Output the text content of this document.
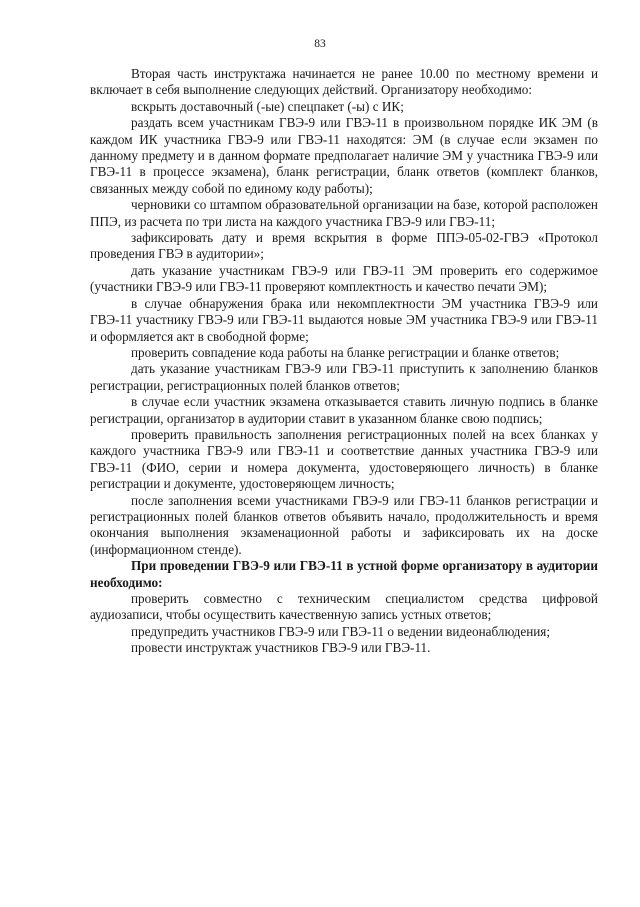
83

Вторая часть инструктажа начинается не ранее 10.00 по местному времени и включает в себя выполнение следующих действий. Организатору необходимо:

вскрыть доставочный (-ые) спецпакет (-ы) с ИК;

раздать всем участникам ГВЭ-9 или ГВЭ-11 в произвольном порядке ИК ЭМ (в каждом ИК участника ГВЭ-9 или ГВЭ-11 находятся: ЭМ (в случае если экзамен по данному предмету и в данном формате предполагает наличие ЭМ у участника ГВЭ-9 или ГВЭ-11 в процессе экзамена), бланк регистрации, бланк ответов (комплект бланков, связанных между собой по единому коду работы);

черновики со штампом образовательной организации на базе, которой расположен ППЭ, из расчета по три листа на каждого участника ГВЭ-9 или ГВЭ-11;

зафиксировать дату и время вскрытия в форме ППЭ-05-02-ГВЭ «Протокол проведения ГВЭ в аудитории»;

дать указание участникам ГВЭ-9 или ГВЭ-11 ЭМ проверить его содержимое (участники ГВЭ-9 или ГВЭ-11 проверяют комплектность и качество печати ЭМ);

в случае обнаружения брака или некомплектности ЭМ участника ГВЭ-9 или ГВЭ-11 участнику ГВЭ-9 или ГВЭ-11 выдаются новые ЭМ участника ГВЭ-9 или ГВЭ-11 и оформляется акт в свободной форме;

проверить совпадение кода работы на бланке регистрации и бланке ответов;

дать указание участникам ГВЭ-9 или ГВЭ-11 приступить к заполнению бланков регистрации, регистрационных полей бланков ответов;

в случае если участник экзамена отказывается ставить личную подпись в бланке регистрации, организатор в аудитории ставит в указанном бланке свою подпись;

проверить правильность заполнения регистрационных полей на всех бланках у каждого участника ГВЭ-9 или ГВЭ-11 и соответствие данных участника ГВЭ-9 или ГВЭ-11 (ФИО, серии и номера документа, удостоверяющего личность) в бланке регистрации и документе, удостоверяющем личность;

после заполнения всеми участниками ГВЭ-9 или ГВЭ-11 бланков регистрации и регистрационных полей бланков ответов объявить начало, продолжительность и время окончания выполнения экзаменационной работы и зафиксировать их на доске (информационном стенде).

При проведении ГВЭ-9 или ГВЭ-11 в устной форме организатору в аудитории необходимо:

проверить совместно с техническим специалистом средства цифровой аудиозаписи, чтобы осуществить качественную запись устных ответов;

предупредить участников ГВЭ-9 или ГВЭ-11 о ведении видеонаблюдения;

провести инструктаж участников ГВЭ-9 или ГВЭ-11.
